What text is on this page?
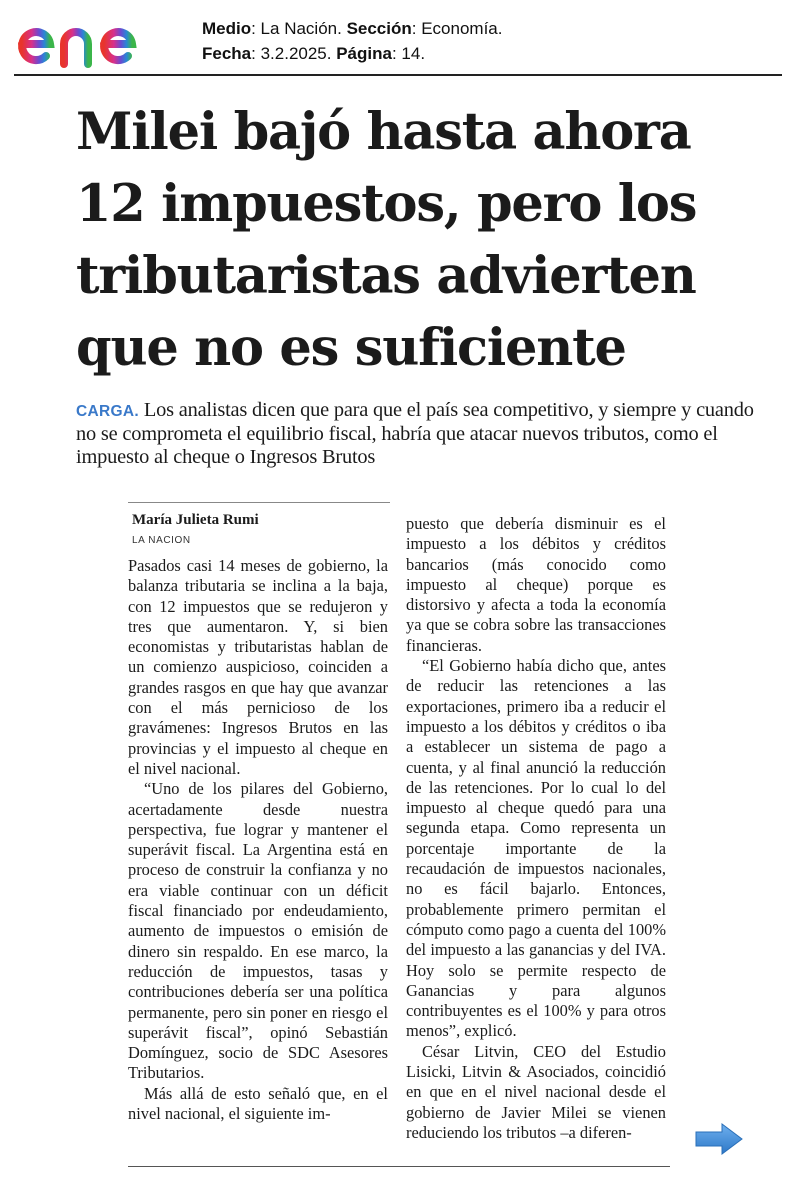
Medio: La Nación. Sección: Economía.
Fecha: 3.2.2025. Página: 14.
Milei bajó hasta ahora 12 impuestos, pero los tributaristas advierten que no es suficiente

CARGA. Los analistas dicen que para que el país sea competitivo, y siempre y cuando no se comprometa el equilibrio fiscal, habría que atacar nuevos tributos, como el impuesto al cheque o Ingresos Brutos

María Julieta Rumi
LA NACION

Pasados casi 14 meses de gobierno, la balanza tributaria se inclina a la baja, con 12 impuestos que se redujeron y tres que aumentaron. Y, si bien economistas y tributaristas hablan de un comienzo auspicioso, coinciden a grandes rasgos en que hay que avanzar con el más pernicioso de los gravámenes: Ingresos Brutos en las provincias y el impuesto al cheque en el nivel nacional.

“Uno de los pilares del Gobierno, acertadamente desde nuestra perspectiva, fue lograr y mantener el superávit fiscal. La Argentina está en proceso de construir la confianza y no era viable continuar con un déficit fiscal financiado por endeudamiento, aumento de impuestos o emisión de dinero sin respaldo. En ese marco, la reducción de impuestos, tasas y contribuciones debería ser una política permanente, pero sin poner en riesgo el superávit fiscal”, opinó Sebastián Domínguez, socio de SDC Asesores Tributarios.

Más allá de esto señaló que, en el nivel nacional, el siguiente im-

puesto que debería disminuir es el impuesto a los débitos y créditos bancarios (más conocido como impuesto al cheque) porque es distorsivo y afecta a toda la economía ya que se cobra sobre las transacciones financieras.

“El Gobierno había dicho que, antes de reducir las retenciones a las exportaciones, primero iba a reducir el impuesto a los débitos y créditos o iba a establecer un sistema de pago a cuenta, y al final anunció la reducción de las retenciones. Por lo cual lo del impuesto al cheque quedó para una segunda etapa. Como representa un porcentaje importante de la recaudación de impuestos nacionales, no es fácil bajarlo. Entonces, probablemente primero permitan el cómputo como pago a cuenta del 100% del impuesto a las ganancias y del IVA. Hoy solo se permite respecto de Ganancias y para algunos contribuyentes es el 100% y para otros menos”, explicó.

César Litvin, CEO del Estudio Lisicki, Litvin & Asociados, coincidió en que en el nivel nacional desde el gobierno de Javier Milei se vienen reduciendo los tributos –a diferen-
